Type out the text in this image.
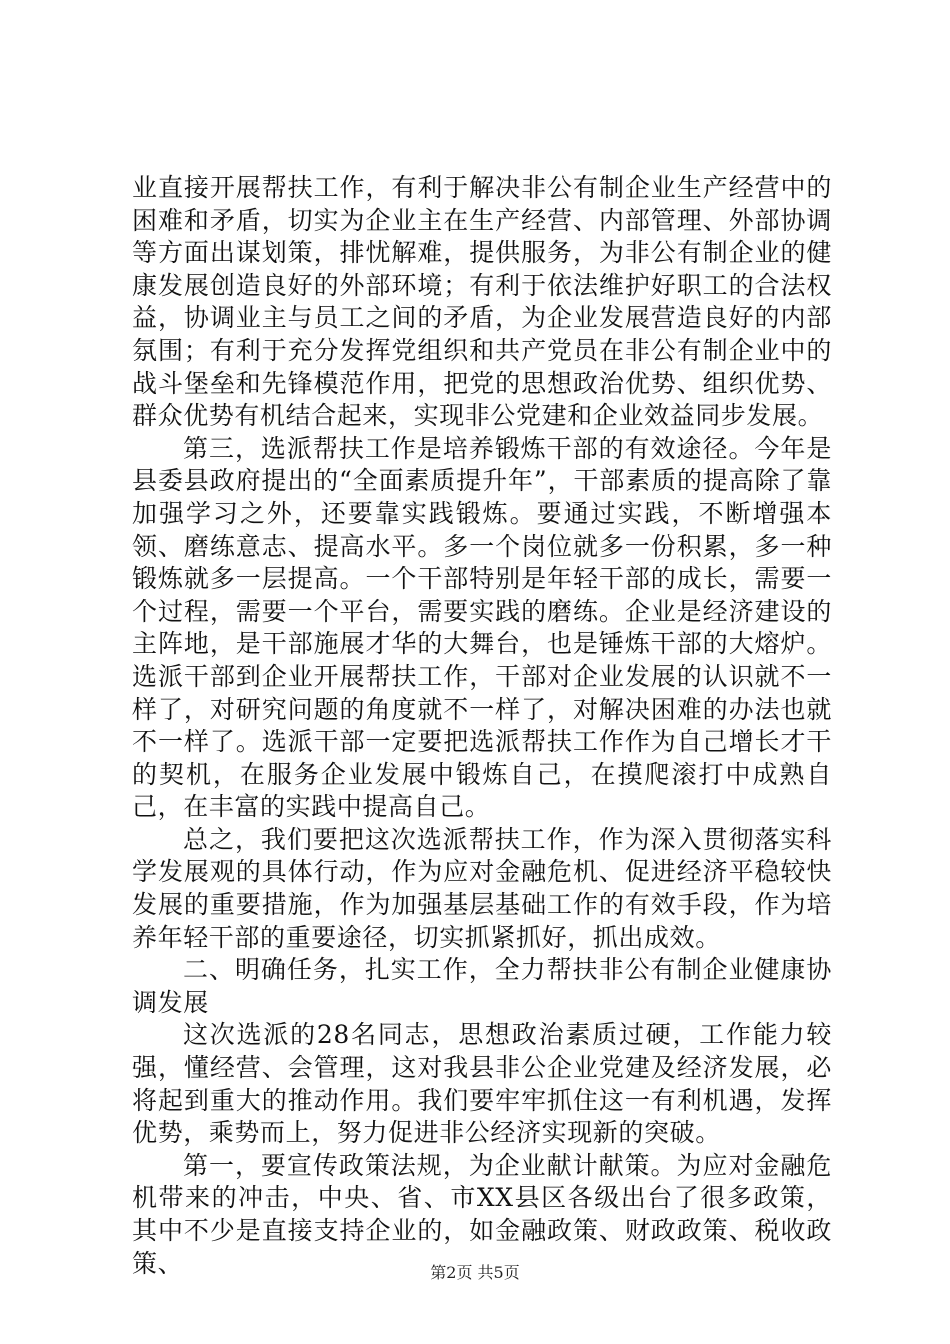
业直接开展帮扶工作，有利于解决非公有制企业生产经营中的困难和矛盾，切实为企业主在生产经营、内部管理、外部协调等方面出谋划策，排忧解难，提供服务，为非公有制企业的健康发展创造良好的外部环境；有利于依法维护好职工的合法权益，协调业主与员工之间的矛盾，为企业发展营造良好的内部氛围；有利于充分发挥党组织和共产党员在非公有制企业中的战斗堡垒和先锋模范作用，把党的思想政治优势、组织优势、群众优势有机结合起来，实现非公党建和企业效益同步发展。

第三，选派帮扶工作是培养锻炼干部的有效途径。今年是县委县政府提出的“全面素质提升年”，干部素质的提高除了靠加强学习之外，还要靠实践锻炼。要通过实践，不断增强本领、磨练意志、提高水平。多一个岗位就多一份积累，多一种锻炼就多一层提高。一个干部特别是年轻干部的成长，需要一个过程，需要一个平台，需要实践的磨练。企业是经济建设的主阵地，是干部施展才华的大舞台，也是锤炼干部的大熔炉。选派干部到企业开展帮扶工作，干部对企业发展的认识就不一样了，对研究问题的角度就不一样了，对解决困难的办法也就不一样了。选派干部一定要把选派帮扶工作作为自己增长才干的契机，在服务企业发展中锻炼自己，在摸爬滚打中成熟自己，在丰富的实践中提高自己。

总之，我们要把这次选派帮扶工作，作为深入贯彻落实科学发展观的具体行动，作为应对金融危机、促进经济平稳较快发展的重要措施，作为加强基层基础工作的有效手段，作为培养年轻干部的重要途径，切实抓紧抓好，抓出成效。

二、明确任务，扎实工作，全力帮扶非公有制企业健康协调发展

这次选派的28名同志，思想政治素质过硬，工作能力较强，懂经营、会管理，这对我县非公企业党建及经济发展，必将起到重大的推动作用。我们要牢牢抓住这一有利机遇，发挥优势，乘势而上，努力促进非公经济实现新的突破。

第一，要宣传政策法规，为企业献计献策。为应对金融危机带来的冲击，中央、省、市XX县区各级出台了很多政策，其中不少是直接支持企业的，如金融政策、财政政策、税收政策、	第2页 共5页
